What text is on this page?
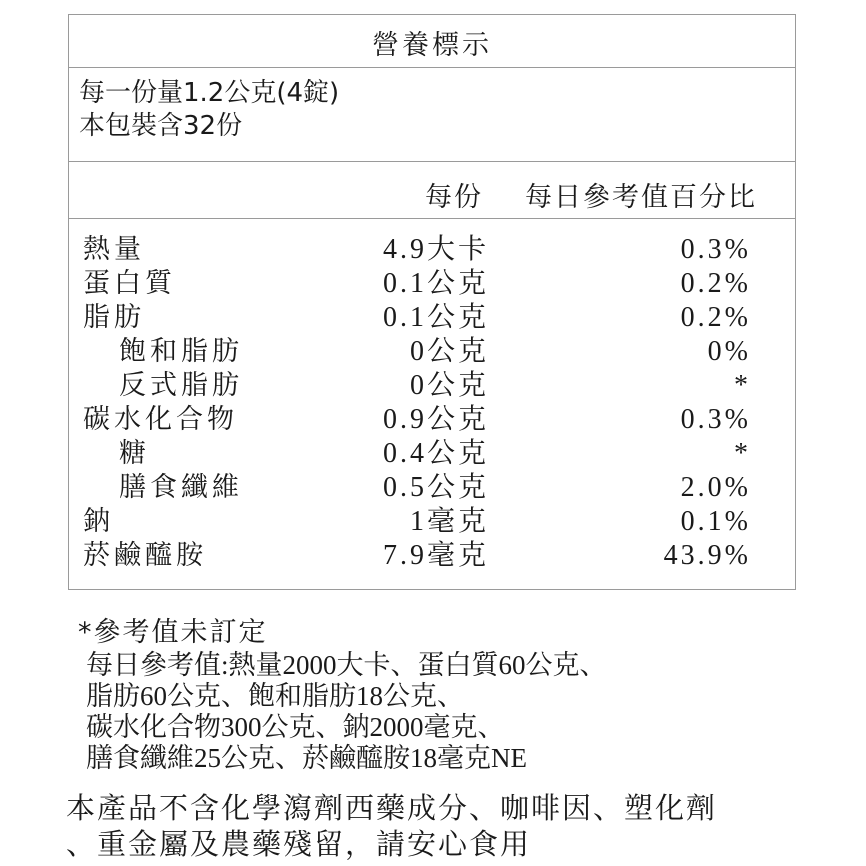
營養標示
每一份量1.2公克(4錠)
本包裝含32份
每份 每日參考值百分比
熱量	4.9大卡	0.3%
蛋白質	0.1公克	0.2%
脂肪	0.1公克	0.2%
飽和脂肪	0公克	0%
反式脂肪	0公克	*
碳水化合物	0.9公克	0.3%
糖	0.4公克	*
膳食纖維	0.5公克	2.0%
鈉	1毫克	0.1%
菸鹼醯胺	7.9毫克	43.9%
*參考值未訂定
每日參考值:熱量2000大卡、蛋白質60公克、
脂肪60公克、飽和脂肪18公克、
碳水化合物300公克、鈉2000毫克、
膳食纖維25公克、菸鹼醯胺18毫克NE
本產品不含化學瀉劑西藥成分、咖啡因、塑化劑
、重金屬及農藥殘留，請安心食用
